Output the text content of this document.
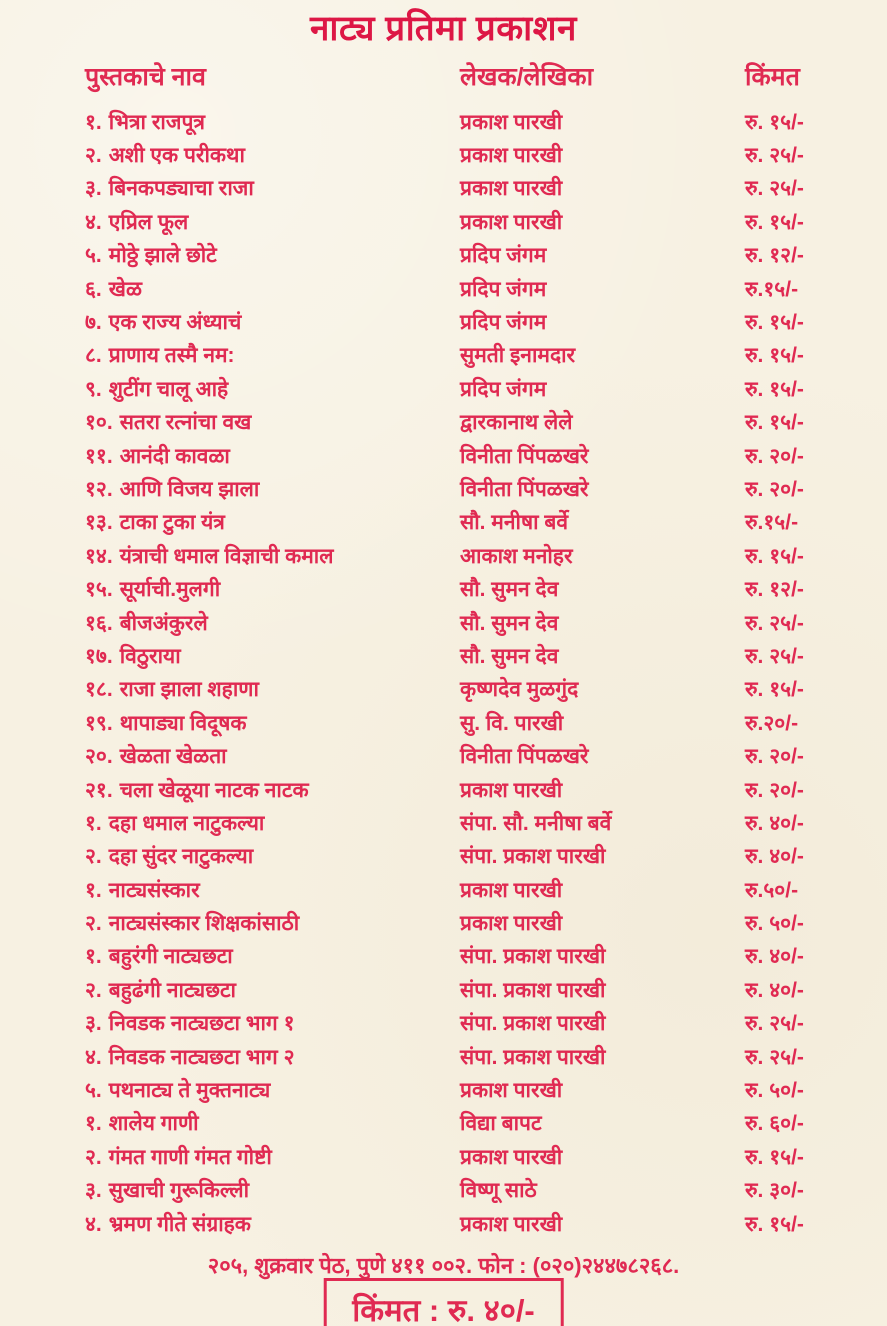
नाट्य प्रतिमा प्रकाशन
पुस्तकाचे नाव	लेखक/लेखिका	किंमत
१. भित्रा राजपूत्र	प्रकाश पारखी	रु. १५/-
२. अशी एक परीकथा	प्रकाश पारखी	रु. २५/-
३. बिनकपड्याचा राजा	प्रकाश पारखी	रु. २५/-
४. एप्रिल फूल	प्रकाश पारखी	रु. १५/-
५. मोठ्ठे झाले छोटे	प्रदिप जंगम	रु. १२/-
६. खेळ	प्रदिप जंगम	रु.१५/-
७. एक राज्य अंध्याचं	प्रदिप जंगम	रु. १५/-
८. प्राणाय तस्मै नम:	सुमती इनामदार	रु. १५/-
९. शुटींग चालू आहे	प्रदिप जंगम	रु. १५/-
१०. सतरा रत्नांचा वख	द्वारकानाथ लेले	रु. १५/-
११. आनंदी कावळा	विनीता पिंपळखरे	रु. २०/-
१२. आणि विजय झाला	विनीता पिंपळखरे	रु. २०/-
१३. टाका टुका यंत्र	सौ. मनीषा बर्वे	रु.१५/-
१४. यंत्राची धमाल विज्ञाची कमाल	आकाश मनोहर	रु. १५/-
१५. सूर्याची.मुलगी	सौ. सुमन देव	रु. १२/-
१६. बीजअंकुरले	सौ. सुमन देव	रु. २५/-
१७. विठुराया	सौ. सुमन देव	रु. २५/-
१८. राजा झाला शहाणा	कृष्णदेव मुळगुंद	रु. १५/-
१९. थापाड्या विदूषक	सु. वि. पारखी	रु.२०/-
२०. खेळता खेळता	विनीता पिंपळखरे	रु. २०/-
२१. चला खेळूया नाटक नाटक	प्रकाश पारखी	रु. २०/-
१. दहा धमाल नाटुकल्या	संपा. सौ. मनीषा बर्वे	रु. ४०/-
२. दहा सुंदर नाटुकल्या	संपा. प्रकाश पारखी	रु. ४०/-
१. नाट्यसंस्कार	प्रकाश पारखी	रु.५०/-
२. नाट्यसंस्कार शिक्षकांसाठी	प्रकाश पारखी	रु. ५०/-
१. बहुरंगी नाट्यछटा	संपा. प्रकाश पारखी	रु. ४०/-
२. बहुढंगी नाट्यछटा	संपा. प्रकाश पारखी	रु. ४०/-
३. निवडक नाट्यछटा भाग १	संपा. प्रकाश पारखी	रु. २५/-
४. निवडक नाट्यछटा भाग २	संपा. प्रकाश पारखी	रु. २५/-
५. पथनाट्य ते मुक्तनाट्य	प्रकाश पारखी	रु. ५०/-
१. शालेय गाणी	विद्या बापट	रु. ६०/-
२. गंमत गाणी गंमत गोष्टी	प्रकाश पारखी	रु. १५/-
३. सुखाची गुरूकिल्ली	विष्णू साठे	रु. ३०/-
४. भ्रमण गीते संग्राहक	प्रकाश पारखी	रु. १५/-
२०५, शुक्रवार पेठ, पुणे ४११ ००२. फोन : (०२०)२४४७८२६८.
किंमत : रु. ४०/-
